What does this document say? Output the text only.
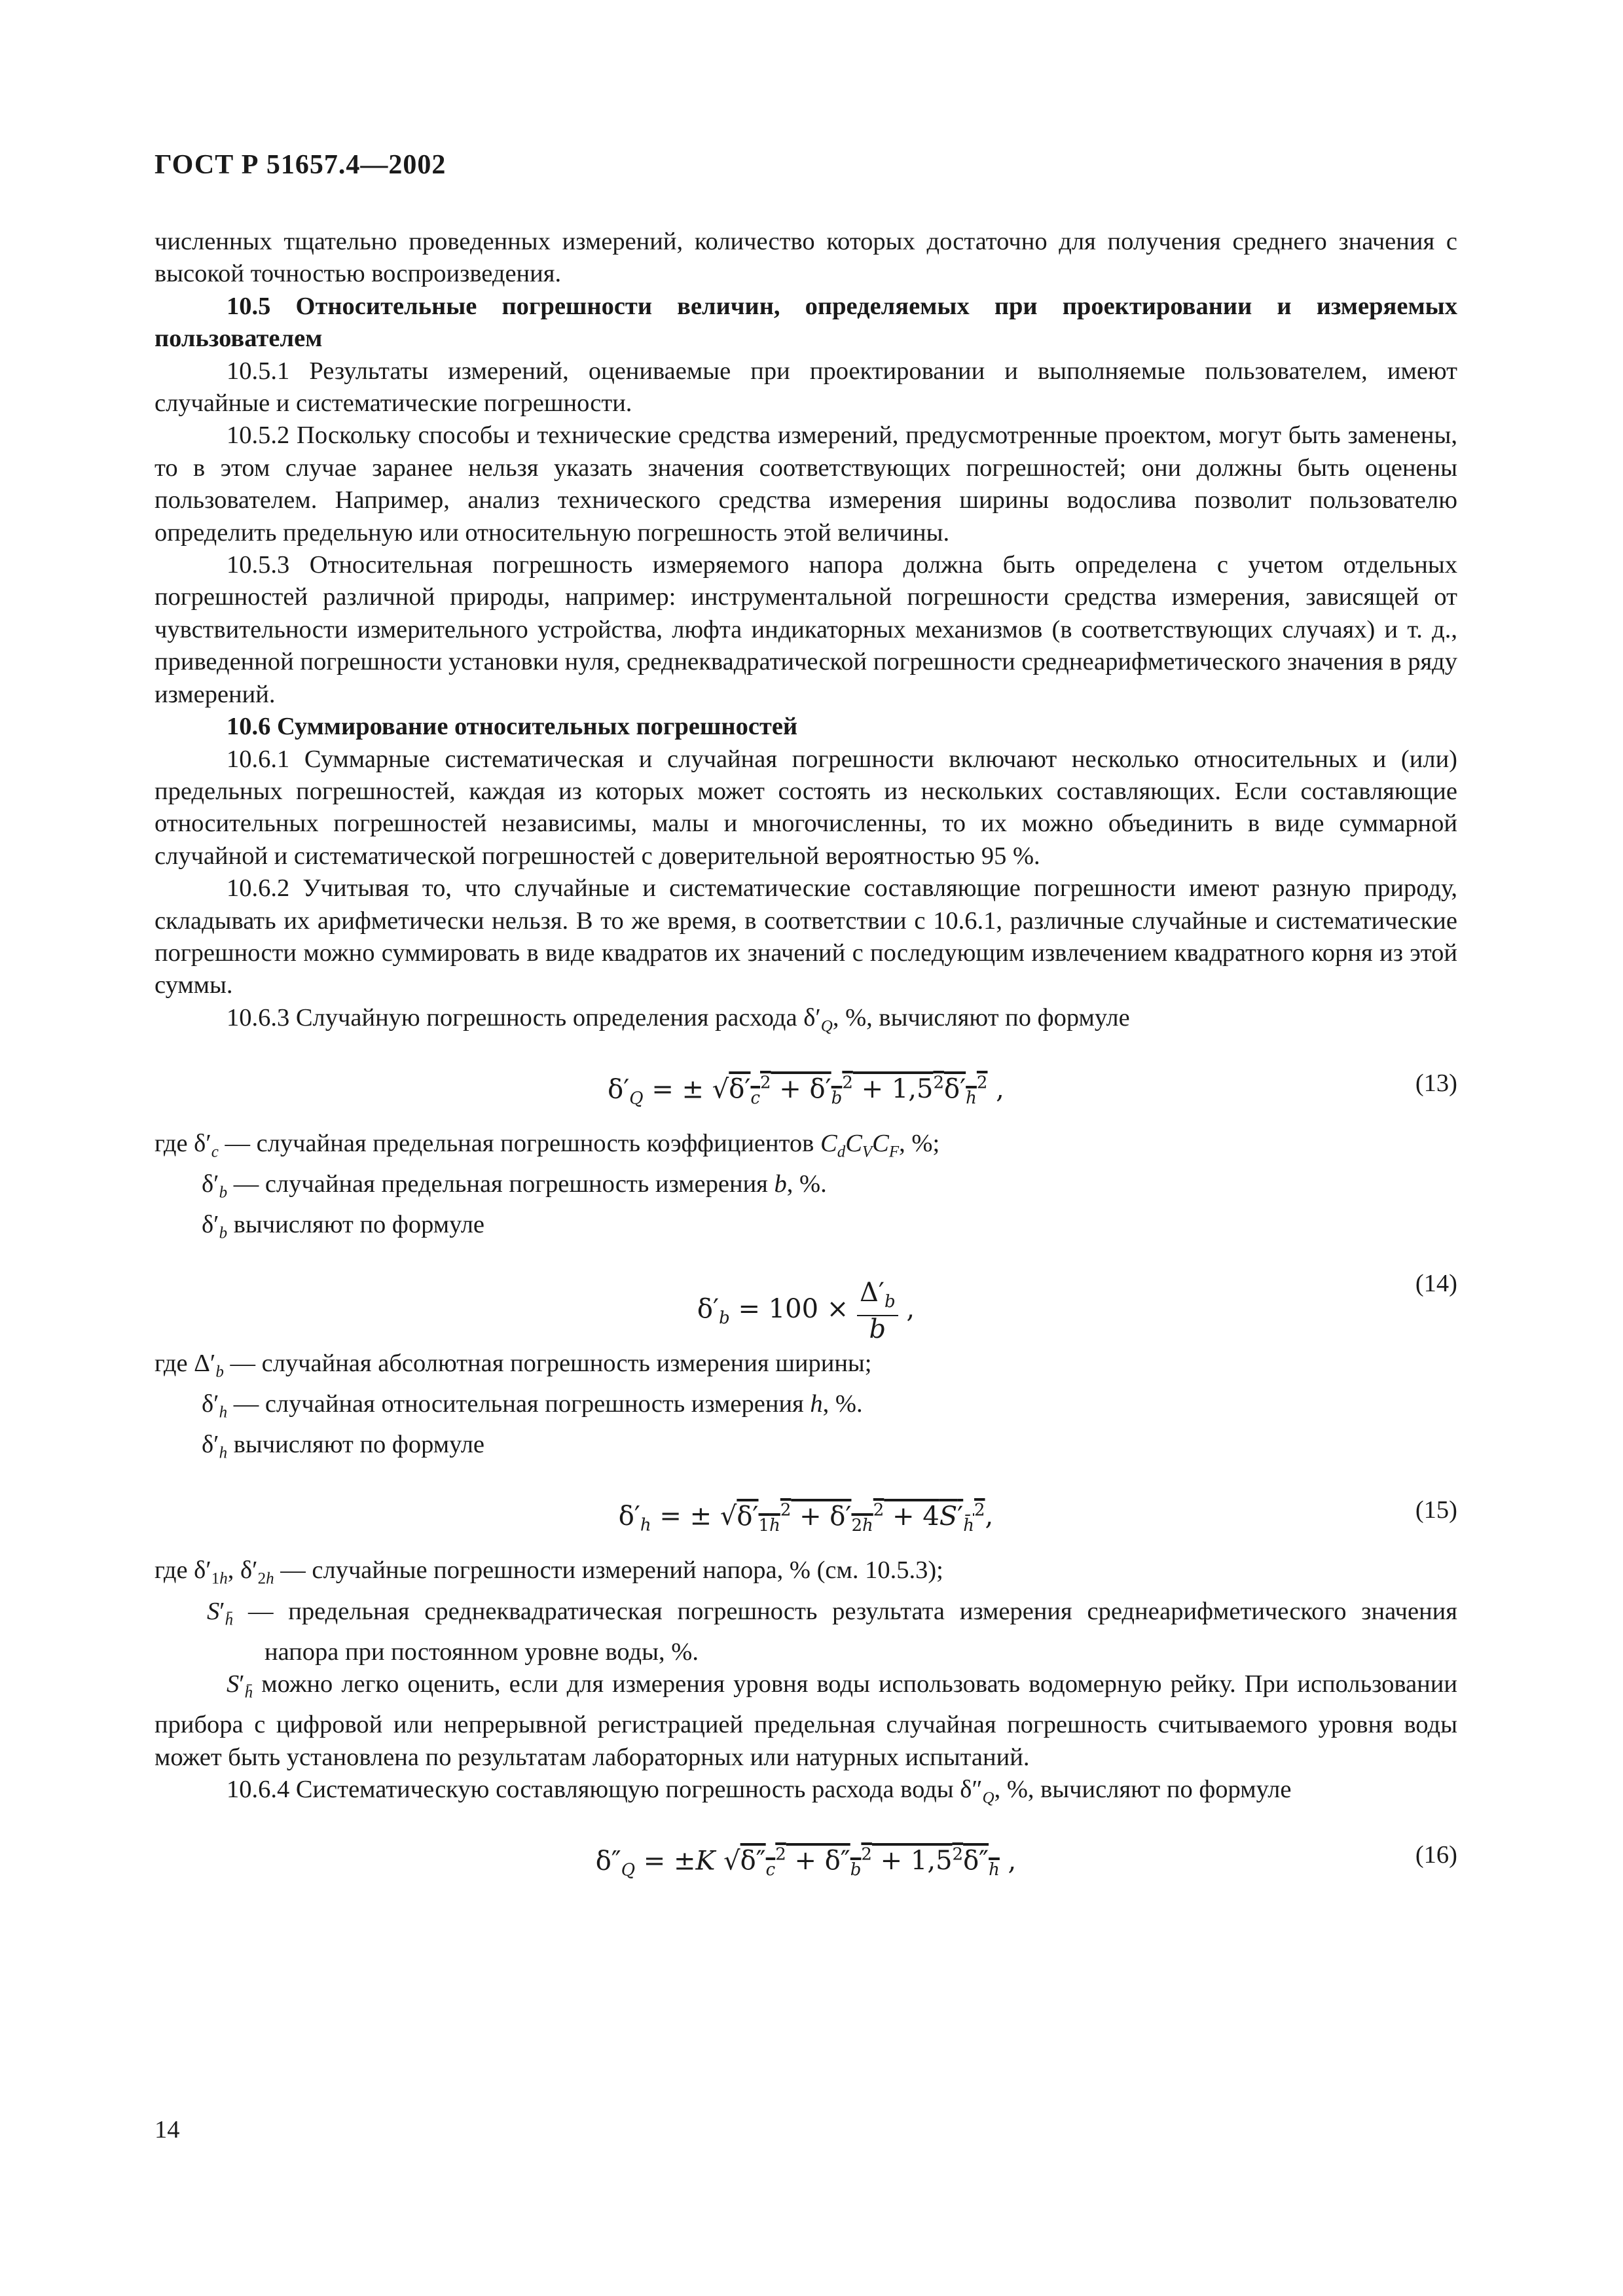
ГОСТ Р 51657.4—2002

численных тщательно проведенных измерений, количество которых достаточно для получения среднего значения с высокой точностью воспроизведения.

10.5 Относительные погрешности величин, определяемых при проектировании и измеряемых пользователем

10.5.1 Результаты измерений, оцениваемые при проектировании и выполняемые пользователем, имеют случайные и систематические погрешности.

10.5.2 Поскольку способы и технические средства измерений, предусмотренные проектом, могут быть заменены, то в этом случае заранее нельзя указать значения соответствующих погрешностей; они должны быть оценены пользователем. Например, анализ технического средства измерения ширины водослива позволит пользователю определить предельную или относительную погрешность этой величины.

10.5.3 Относительная погрешность измеряемого напора должна быть определена с учетом отдельных погрешностей различной природы, например: инструментальной погрешности средства измерения, зависящей от чувствительности измерительного устройства, люфта индикаторных механизмов (в соответствующих случаях) и т. д., приведенной погрешности установки нуля, среднеквадратической погрешности среднеарифметического значения в ряду измерений.

10.6 Суммирование относительных погрешностей

10.6.1 Суммарные систематическая и случайная погрешности включают несколько относительных и (или) предельных погрешностей, каждая из которых может состоять из нескольких составляющих. Если составляющие относительных погрешностей независимы, малы и многочисленны, то их можно объединить в виде суммарной случайной и систематической погрешностей с доверительной вероятностью 95 %.

10.6.2 Учитывая то, что случайные и систематические составляющие погрешности имеют разную природу, складывать их арифметически нельзя. В то же время, в соответствии с 10.6.1, различные случайные и систематические погрешности можно суммировать в виде квадратов их значений с последующим извлечением квадратного корня из этой суммы.

10.6.3 Случайную погрешность определения расхода $\delta'_Q$, %, вычисляют по формуле

$\delta'_Q$ = ± $√\delta'_c^2 + \delta'_b^2 + 1,5^2\delta'_h^2$ ,	(13)

где $\delta'_c$ — случайная предельная погрешность коэффициентов $C_dC_VC_F$, %;

$\delta'_b$ — случайная предельная погрешность измерения b, %.

$\delta'_b$ вычисляют по формуле

$\delta'_b = 100 \times \frac{\Delta'_b}{b}$ ,
(14)

где $\Delta'_b$ — случайная абсолютная погрешность измерения ширины;

$\delta'_h$ — случайная относительная погрешность измерения h, %.

$\delta'_h$ вычисляют по формуле

$\delta'_h$ = ± $√\delta'_{1h}^2 + \delta'_{2h}^2 + 4S'_{h̄}^2$,	(15)

где $\delta'_{1h}$, $\delta'_{2h}$ — случайные погрешности измерений напора, % (см. 10.5.3);

$S'_{h̄}$ — предельная среднеквадратическая погрешность результата измерения среднеарифметического значения напора при постоянном уровне воды, %.

$S'_{h̄}$ можно легко оценить, если для измерения уровня воды использовать водомерную рейку. При использовании прибора с цифровой или непрерывной регистрацией предельная случайная погрешность считываемого уровня воды может быть установлена по результатам лабораторных или натурных испытаний.

10.6.4 Систематическую составляющую погрешность расхода воды $\delta''_Q$, %, вычисляют по формуле

$\delta''_Q = \pm K$ $√\delta''_c^2 + \delta''_b^2 + 1,5^2\delta''_h$ ,	(16)
14
